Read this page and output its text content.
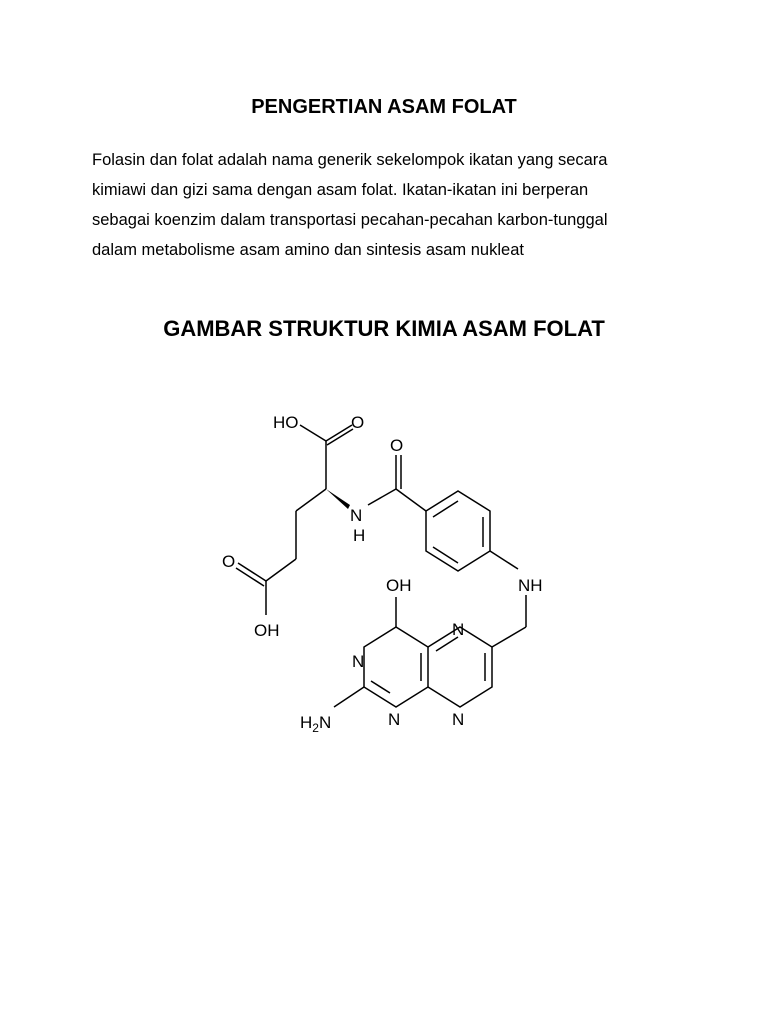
PENGERTIAN ASAM FOLAT

Folasin dan folat adalah nama generik sekelompok ikatan yang secara
kimiawi dan gizi sama dengan asam folat. Ikatan-ikatan ini berperan
sebagai koenzim dalam transportasi pecahan-pecahan karbon-tunggal
dalam metabolisme asam amino dan sintesis asam nukleat

GAMBAR STRUKTUR KIMIA ASAM FOLAT
HO	O
N
H
O
OH
O
NH
OH
N
N
N	N
$H_2N$
